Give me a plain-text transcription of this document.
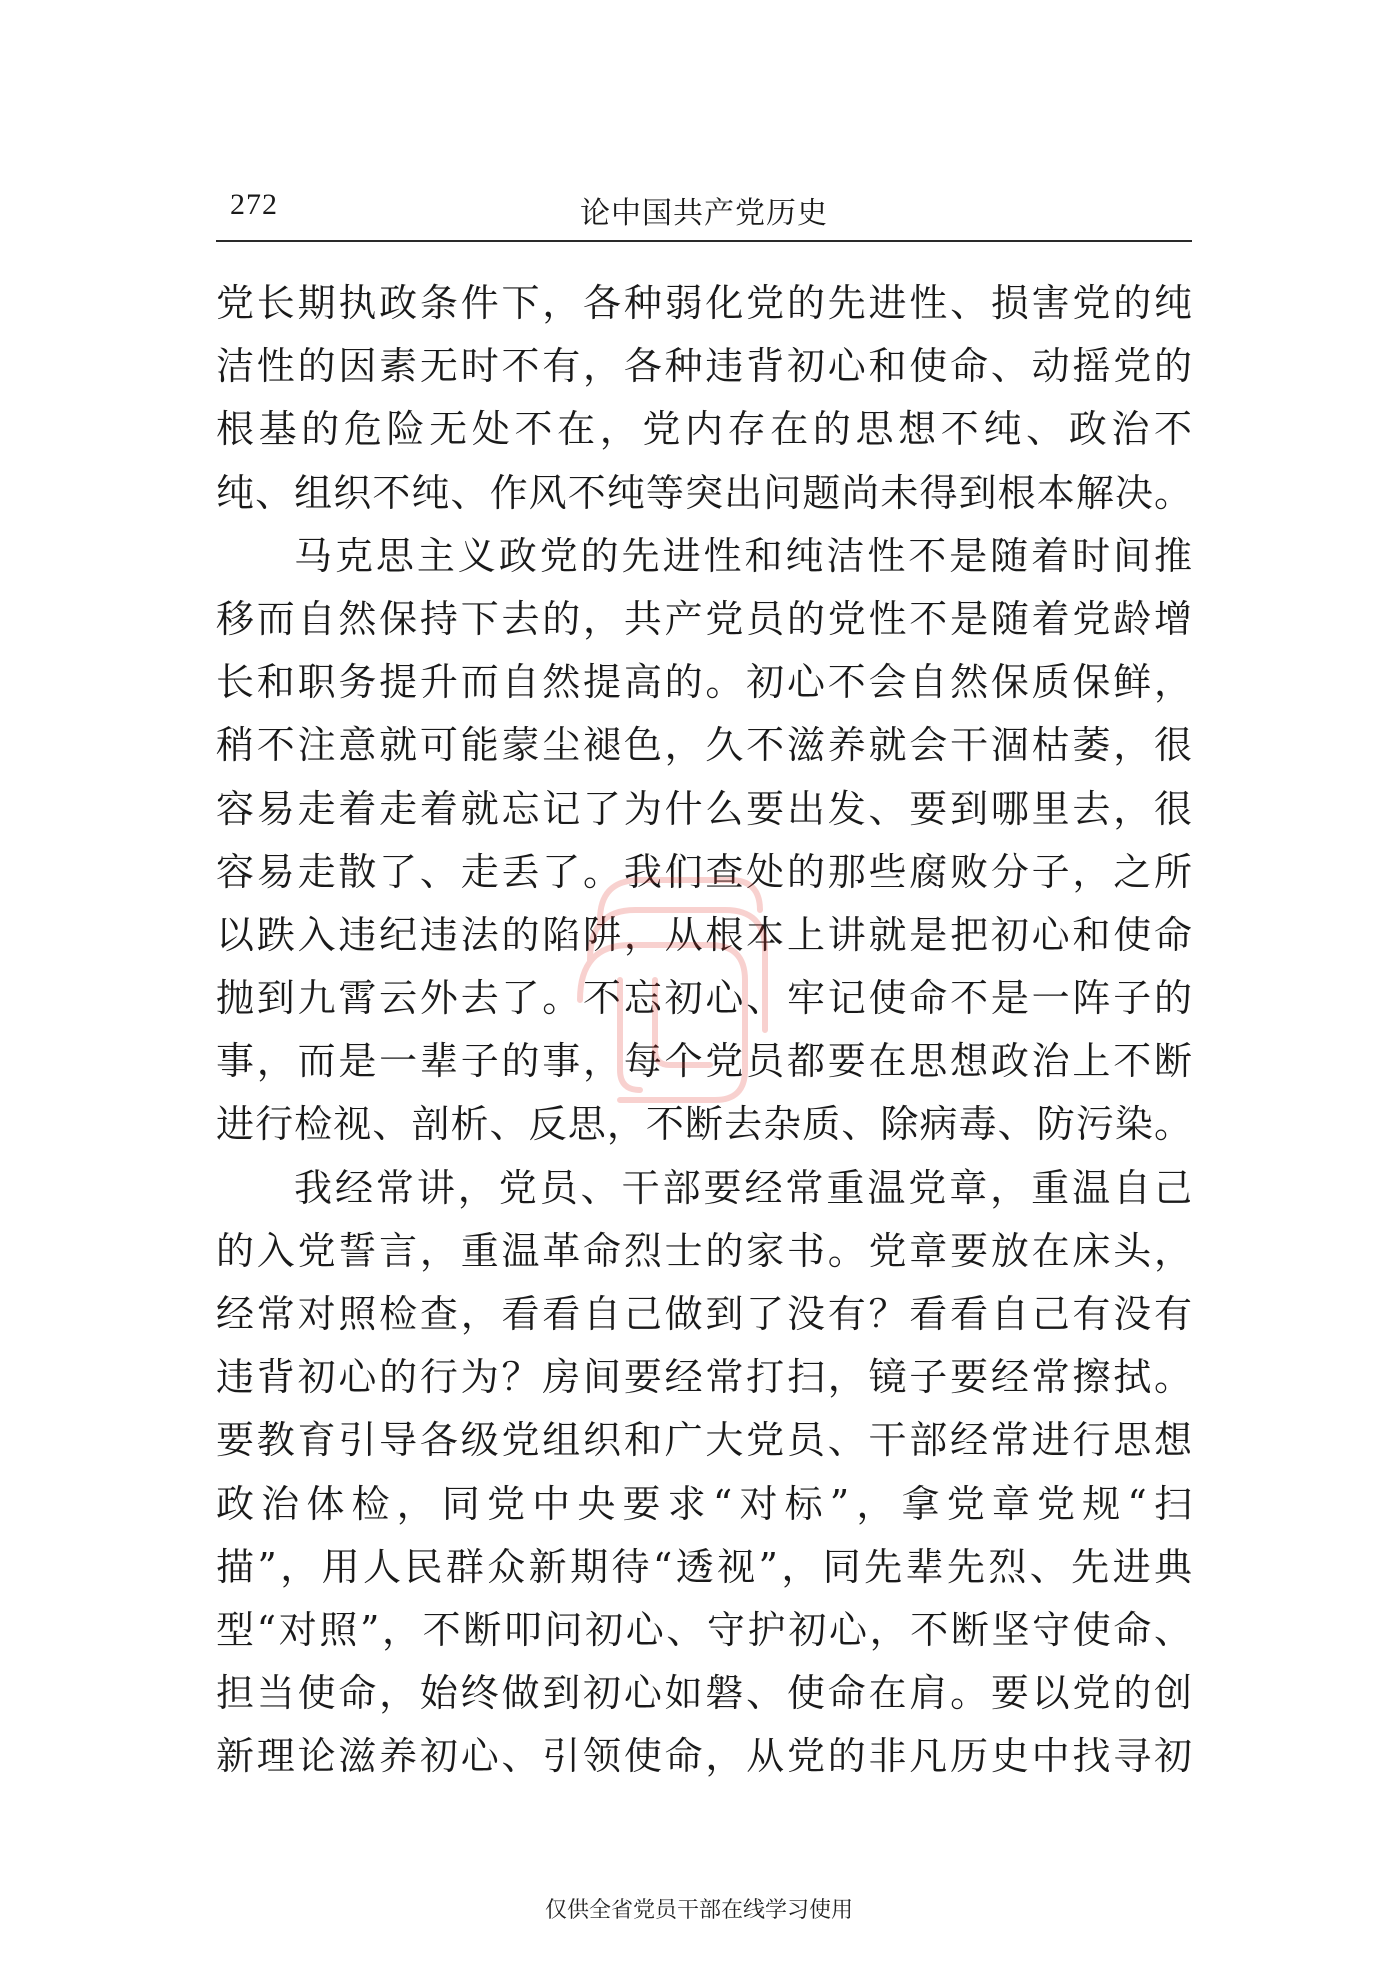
272	论中国共产党历史
党长期执政条件下，各种弱化党的先进性、损害党的纯
洁性的因素无时不有，各种违背初心和使命、动摇党的
根基的危险无处不在，党内存在的思想不纯、政治不
纯、组织不纯、作风不纯等突出问题尚未得到根本解决。
马克思主义政党的先进性和纯洁性不是随着时间推
移而自然保持下去的，共产党员的党性不是随着党龄增
长和职务提升而自然提高的。初心不会自然保质保鲜，
稍不注意就可能蒙尘褪色，久不滋养就会干涸枯萎，很
容易走着走着就忘记了为什么要出发、要到哪里去，很
容易走散了、走丢了。我们查处的那些腐败分子，之所
以跌入违纪违法的陷阱，从根本上讲就是把初心和使命
抛到九霄云外去了。不忘初心、牢记使命不是一阵子的
事，而是一辈子的事，每个党员都要在思想政治上不断
进行检视、剖析、反思，不断去杂质、除病毒、防污染。
我经常讲，党员、干部要经常重温党章，重温自己
的入党誓言，重温革命烈士的家书。党章要放在床头，
经常对照检查，看看自己做到了没有？看看自己有没有
违背初心的行为？房间要经常打扫，镜子要经常擦拭。
要教育引导各级党组织和广大党员、干部经常进行思想
政治体检，同党中央要求“对标”，拿党章党规“扫
描”，用人民群众新期待“透视”，同先辈先烈、先进典
型“对照”，不断叩问初心、守护初心，不断坚守使命、
担当使命，始终做到初心如磐、使命在肩。要以党的创
新理论滋养初心、引领使命，从党的非凡历史中找寻初
仅供全省党员干部在线学习使用
